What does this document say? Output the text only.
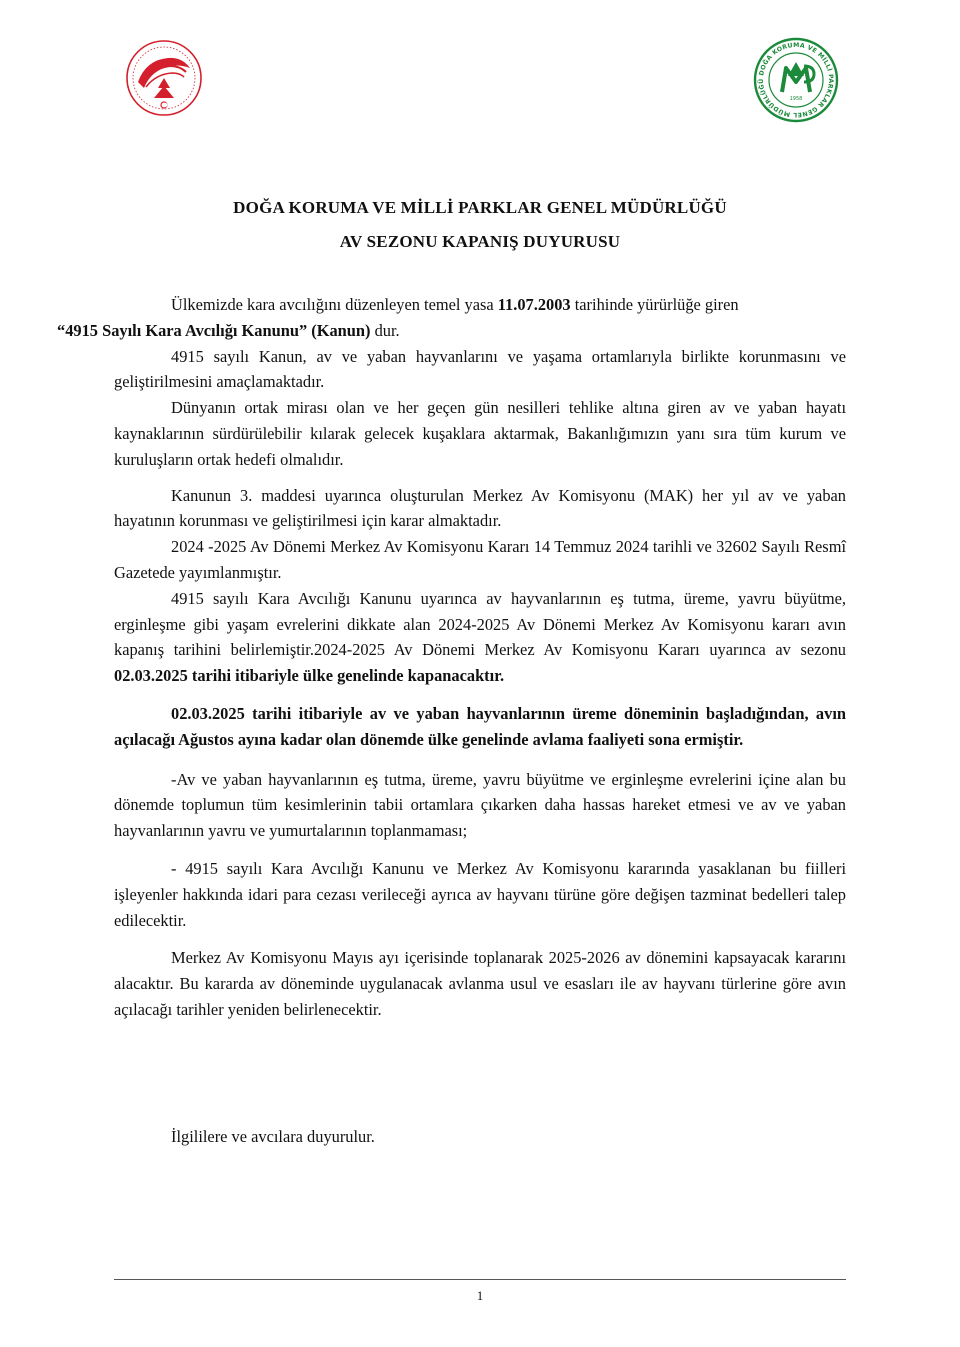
DOĞA KORUMA VE MİLLİ PARKLAR GENEL MÜDÜRLÜĞÜ
1958
DOĞA KORUMA VE MİLLİ PARKLAR GENEL MÜDÜRLÜĞÜ
AV SEZONU KAPANIŞ DUYURUSU

Ülkemizde kara avcılığını düzenleyen temel yasa 11.07.2003 tarihinde yürürlüğe giren
“4915 Sayılı Kara Avcılığı Kanunu” (Kanun) dur.

4915 sayılı Kanun, av ve yaban hayvanlarını ve yaşama ortamlarıyla birlikte korunmasını ve geliştirilmesini amaçlamaktadır.

Dünyanın ortak mirası olan ve her geçen gün nesilleri tehlike altına giren av ve yaban hayatı kaynaklarının sürdürülebilir kılarak gelecek kuşaklara aktarmak, Bakanlığımızın yanı sıra tüm kurum ve kuruluşların ortak hedefi olmalıdır.

Kanunun 3. maddesi uyarınca oluşturulan Merkez Av Komisyonu (MAK) her yıl av ve yaban hayatının korunması ve geliştirilmesi için karar almaktadır.

2024 -2025 Av Dönemi Merkez Av Komisyonu Kararı 14 Temmuz 2024 tarihli ve 32602 Sayılı Resmî Gazetede yayımlanmıştır.

4915 sayılı Kara Avcılığı Kanunu uyarınca av hayvanlarının eş tutma, üreme, yavru büyütme, erginleşme gibi yaşam evrelerini dikkate alan 2024-2025 Av Dönemi Merkez Av Komisyonu kararı avın kapanış tarihini belirlemiştir.2024-2025 Av Dönemi Merkez Av Komisyonu Kararı uyarınca av sezonu 02.03.2025 tarihi itibariyle ülke genelinde kapanacaktır.

02.03.2025 tarihi itibariyle av ve yaban hayvanlarının üreme döneminin başladığından, avın açılacağı Ağustos ayına kadar olan dönemde ülke genelinde avlama faaliyeti sona ermiştir.

-Av ve yaban hayvanlarının eş tutma, üreme, yavru büyütme ve erginleşme evrelerini içine alan bu dönemde toplumun tüm kesimlerinin tabii ortamlara çıkarken daha hassas hareket etmesi ve av ve yaban hayvanlarının yavru ve yumurtalarının toplanmaması;

- 4915 sayılı Kara Avcılığı Kanunu ve Merkez Av Komisyonu kararında yasaklanan bu fiilleri işleyenler hakkında idari para cezası verileceği ayrıca av hayvanı türüne göre değişen tazminat bedelleri talep edilecektir.

Merkez Av Komisyonu Mayıs ayı içerisinde toplanarak 2025-2026 av dönemini kapsayacak kararını alacaktır. Bu kararda av döneminde uygulanacak avlanma usul ve esasları ile av hayvanı türlerine göre avın açılacağı tarihler yeniden belirlenecektir.

İlgililere ve avcılara duyurulur.
1
